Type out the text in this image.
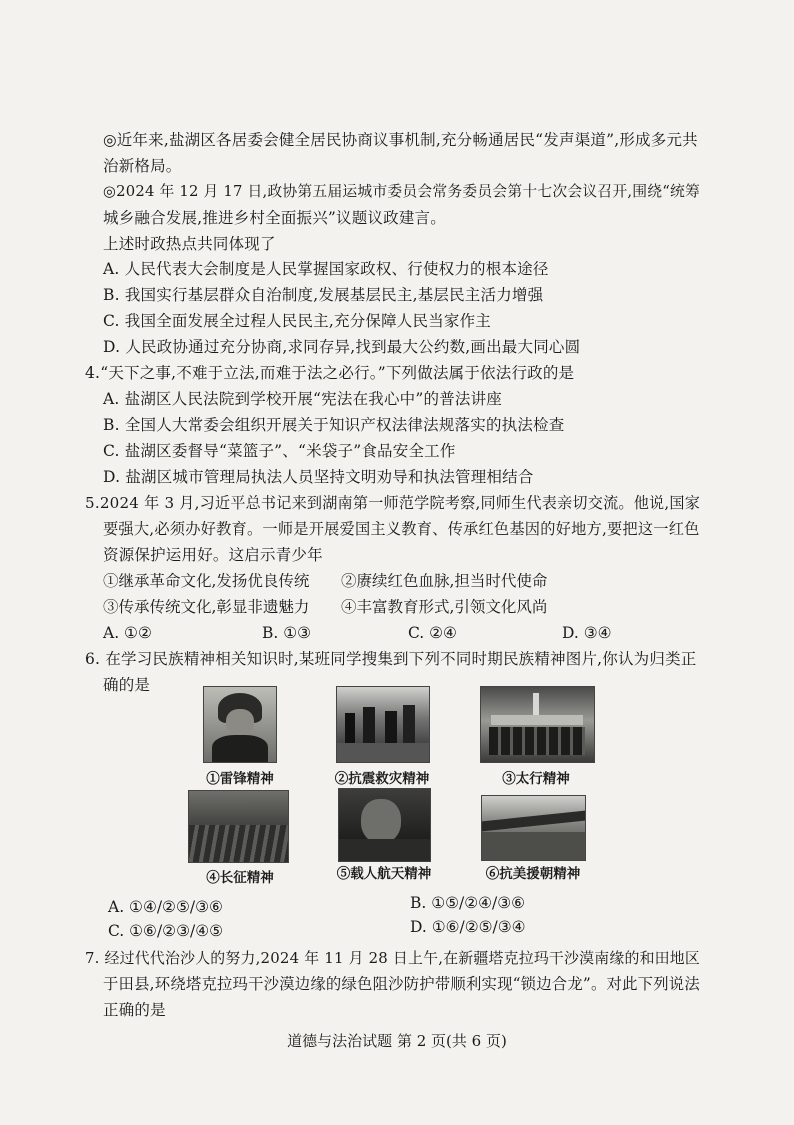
◎近年来,盐湖区各居委会健全居民协商议事机制,充分畅通居民“发声渠道”,形成多元共
治新格局。
◎2024 年 12 月 17 日,政协第五届运城市委员会常务委员会第十七次会议召开,围绕“统筹
城乡融合发展,推进乡村全面振兴”议题议政建言。
上述时政热点共同体现了
A. 人民代表大会制度是人民掌握国家政权、行使权力的根本途径
B. 我国实行基层群众自治制度,发展基层民主,基层民主活力增强
C. 我国全面发展全过程人民民主,充分保障人民当家作主
D. 人民政协通过充分协商,求同存异,找到最大公约数,画出最大同心圆
4.“天下之事,不难于立法,而难于法之必行。”下列做法属于依法行政的是
A. 盐湖区人民法院到学校开展“宪法在我心中”的普法讲座
B. 全国人大常委会组织开展关于知识产权法律法规落实的执法检查
C. 盐湖区委督导“菜篮子”、“米袋子”食品安全工作
D. 盐湖区城市管理局执法人员坚持文明劝导和执法管理相结合
5.2024 年 3 月,习近平总书记来到湖南第一师范学院考察,同师生代表亲切交流。他说,国家
要强大,必须办好教育。一师是开展爱国主义教育、传承红色基因的好地方,要把这一红色
资源保护运用好。这启示青少年
①继承革命文化,发扬优良传统 ②赓续红色血脉,担当时代使命
③传承传统文化,彰显非遗魅力 ④丰富教育形式,引领文化风尚
A. ①②	B. ①③	C. ②④	D. ③④
6. 在学习民族精神相关知识时,某班同学搜集到下列不同时期民族精神图片,你认为归类正
确的是
①雷锋精神	②抗震救灾精神	③太行精神
④长征精神	⑤载人航天精神	⑥抗美援朝精神
A. ①④/②⑤/③⑥	B. ①⑤/②④/③⑥
C. ①⑥/②③/④⑤	D. ①⑥/②⑤/③④
7. 经过代代治沙人的努力,2024 年 11 月 28 日上午,在新疆塔克拉玛干沙漠南缘的和田地区
于田县,环绕塔克拉玛干沙漠边缘的绿色阻沙防护带顺利实现“锁边合龙”。对此下列说法
正确的是
道德与法治试题 第 2 页(共 6 页)
